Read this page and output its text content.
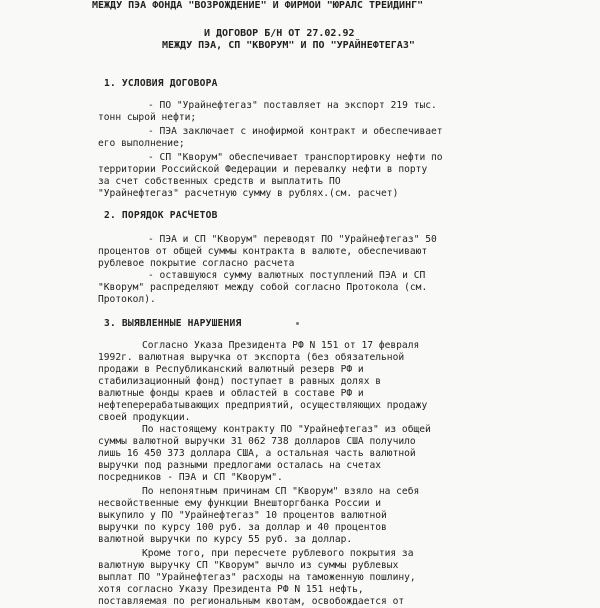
МЕЖДУ ПЭА ФОНДА "ВОЗРОЖДЕНИЕ" И ФИРМОЙ "ЮРАЛС ТРЕЙДИНГ"
И ДОГОВОР Б/Н ОТ 27.02.92
МЕЖДУ ПЭА, СП "КВОРУМ" И ПО "УРАЙНЕФТЕГАЗ"
1. УСЛОВИЯ ДОГОВОРА
- ПО "Урайнефтегаз" поставляет на экспорт 219 тыс.
тонн сырой нефти;
- ПЭА заключает с инофирмой контракт и обеспечивает
его выполнение;
- СП "Кворум" обеспечивает транспортировку нефти по
территории Российской Федерации и перевалку нефти в порту
за счет собственных средств и выплатить ПО
"Урайнефтегаз" расчетную сумму в рублях.(см. расчет)
2. ПОРЯДОК РАСЧЕТОВ
- ПЭА и СП "Кворум" переводят ПО "Урайнефтегаз" 50
процентов от общей суммы контракта в валюте, обеспечивают
рублевое покрытие согласно расчета
- оставшуюся сумму валютных поступлений ПЭА и СП
"Кворум" распределяют между собой согласно Протокола (см.
Протокол).
3. ВЫЯВЛЕННЫЕ НАРУШЕНИЯ
Согласно Указа Президента РФ N 151 от 17 февраля
1992г. валютная выручка от экспорта (без обязательной
продажи в Республиканский валютный резерв РФ и
стабилизационный фонд) поступает в равных долях в
валютные фонды краев и областей в составе РФ и
нефтеперерабатывающих предприятий, осуществляющих продажу
своей продукции.
По настоящему контракту ПО "Урайнефтегаз" из общей
суммы валютной выручки 31 062 738 долларов США получило
лишь 16 450 373 доллара США, а остальная часть валютной
выручки под разными предлогами осталась на счетах
посредников - ПЭА и СП "Кворум".
По непонятным причинам СП "Кворум" взяло на себя
несвойственные ему функции Внешторгбанка России и
выкупило у ПО "Урайнефтегаз" 10 процентов валютной
выручки по курсу 100 руб. за доллар и 40 процентов
валютной выручки по курсу 55 руб. за доллар.
Кроме того, при пересчете рублевого покрытия за
валютную выручку СП "Кворум" вычло из суммы рублевых
выплат ПО "Урайнефтегаз" расходы на таможенную пошлину,
хотя согласно Указу Президента РФ N 151 нефть,
поставляемая по региональным квотам, освобождается от
